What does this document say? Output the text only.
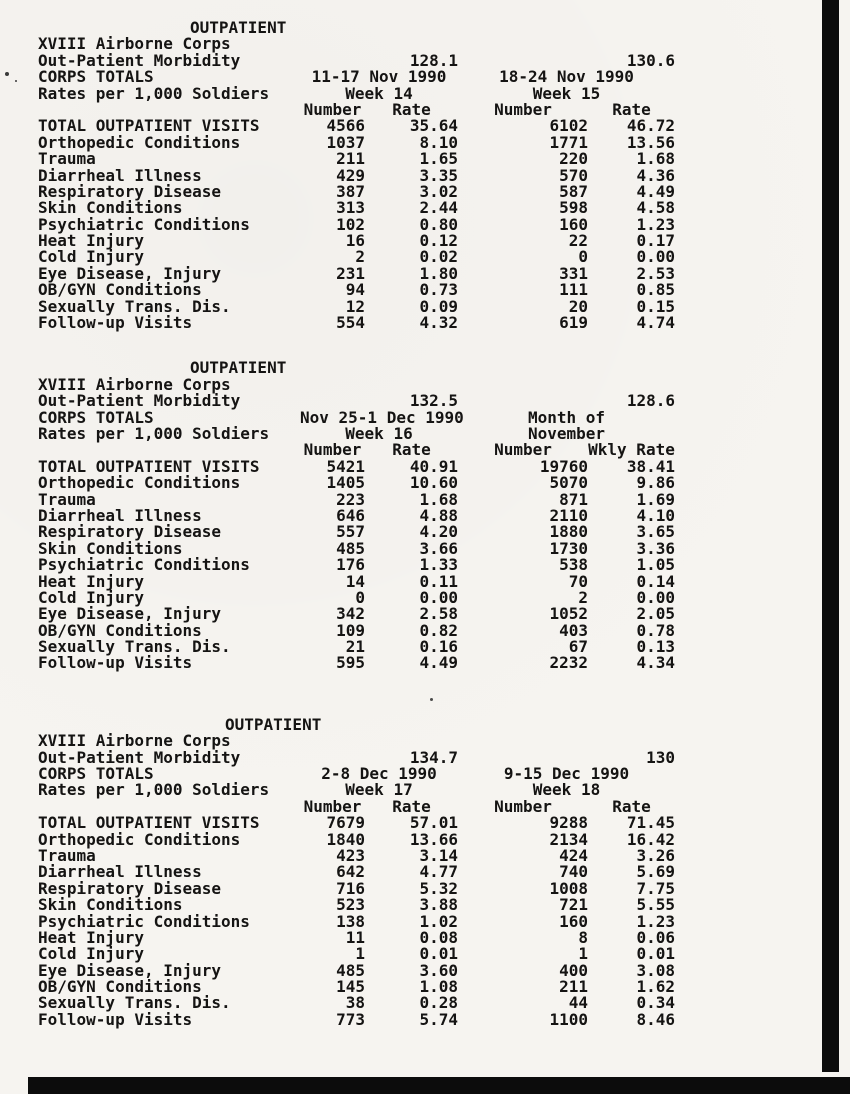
OUTPATIENT
XVIII Airborne Corps
Out-Patient Morbidity	128.1	130.6
CORPS TOTALS	11-17 Nov 1990	18-24 Nov 1990
Rates per 1,000 Soldiers	Week 14	Week 15
Number	Rate	Number	Rate
TOTAL OUTPATIENT VISITS	4566	35.64	6102	46.72
Orthopedic Conditions	1037	8.10	1771	13.56
Trauma	211	1.65	220	1.68
Diarrheal Illness	429	3.35	570	4.36
Respiratory Disease	387	3.02	587	4.49
Skin Conditions	313	2.44	598	4.58
Psychiatric Conditions	102	0.80	160	1.23
Heat Injury	16	0.12	22	0.17
Cold Injury	2	0.02	0	0.00
Eye Disease, Injury	231	1.80	331	2.53
OB/GYN Conditions	94	0.73	111	0.85
Sexually Trans. Dis.	12	0.09	20	0.15
Follow-up Visits	554	4.32	619	4.74
OUTPATIENT
XVIII Airborne Corps
Out-Patient Morbidity	132.5	128.6
CORPS TOTALS	Nov 25-1 Dec 1990	Month of
Rates per 1,000 Soldiers	Week 16	November
Number	Rate	Number	Wkly Rate
TOTAL OUTPATIENT VISITS	5421	40.91	19760	38.41
Orthopedic Conditions	1405	10.60	5070	9.86
Trauma	223	1.68	871	1.69
Diarrheal Illness	646	4.88	2110	4.10
Respiratory Disease	557	4.20	1880	3.65
Skin Conditions	485	3.66	1730	3.36
Psychiatric Conditions	176	1.33	538	1.05
Heat Injury	14	0.11	70	0.14
Cold Injury	0	0.00	2	0.00
Eye Disease, Injury	342	2.58	1052	2.05
OB/GYN Conditions	109	0.82	403	0.78
Sexually Trans. Dis.	21	0.16	67	0.13
Follow-up Visits	595	4.49	2232	4.34
OUTPATIENT
XVIII Airborne Corps
Out-Patient Morbidity	134.7	130
CORPS TOTALS	2-8 Dec 1990	9-15 Dec 1990
Rates per 1,000 Soldiers	Week 17	Week 18
Number	Rate	Number	Rate
TOTAL OUTPATIENT VISITS	7679	57.01	9288	71.45
Orthopedic Conditions	1840	13.66	2134	16.42
Trauma	423	3.14	424	3.26
Diarrheal Illness	642	4.77	740	5.69
Respiratory Disease	716	5.32	1008	7.75
Skin Conditions	523	3.88	721	5.55
Psychiatric Conditions	138	1.02	160	1.23
Heat Injury	11	0.08	8	0.06
Cold Injury	1	0.01	1	0.01
Eye Disease, Injury	485	3.60	400	3.08
OB/GYN Conditions	145	1.08	211	1.62
Sexually Trans. Dis.	38	0.28	44	0.34
Follow-up Visits	773	5.74	1100	8.46
